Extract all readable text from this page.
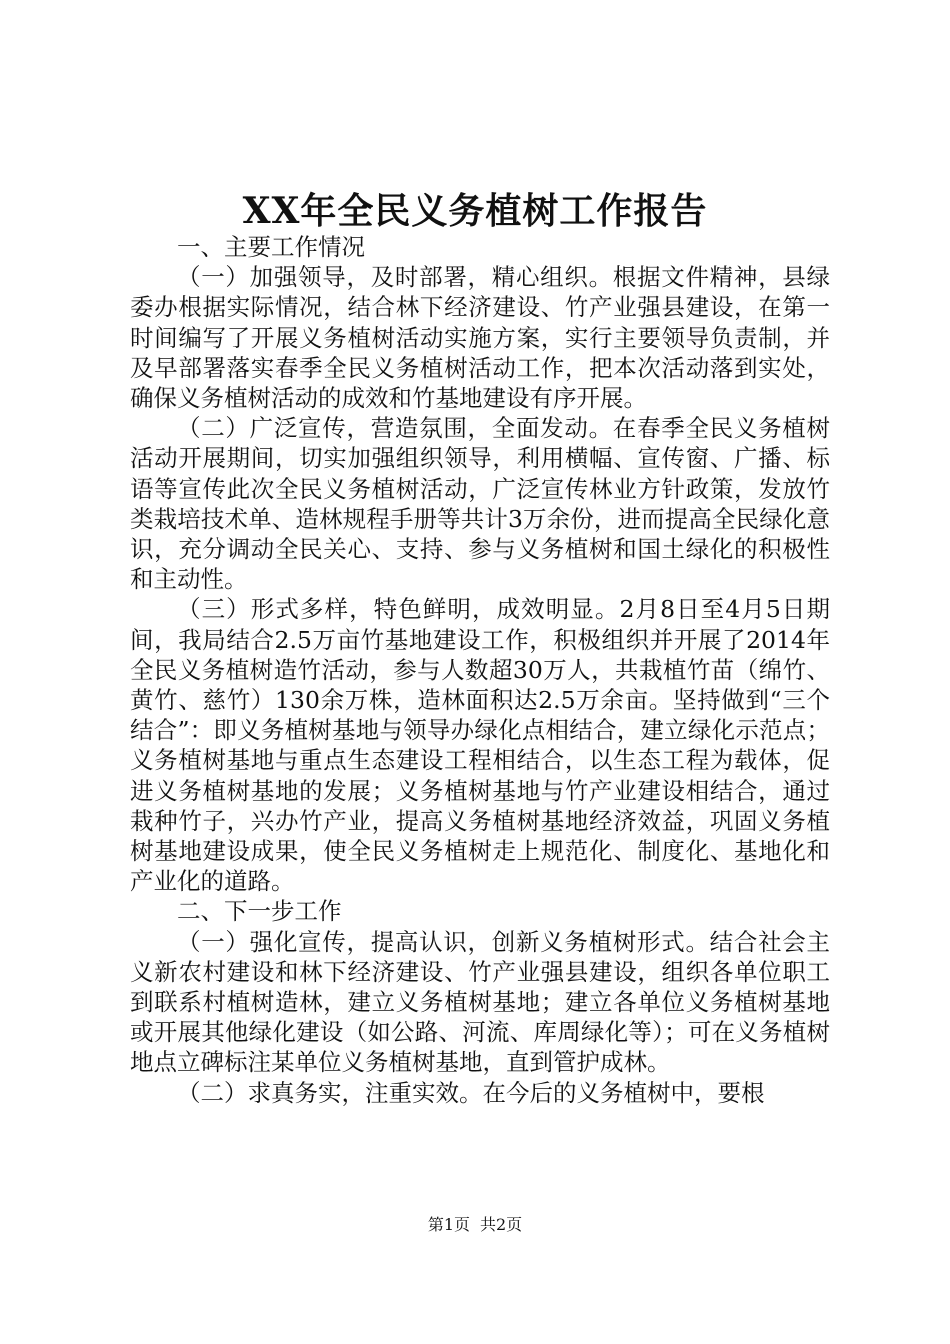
XX年全民义务植树工作报告

一、主要工作情况

（一）加强领导，及时部署，精心组织。根据文件精神，县绿委办根据实际情况，结合林下经济建设、竹产业强县建设，在第一时间编写了开展义务植树活动实施方案，实行主要领导负责制，并及早部署落实春季全民义务植树活动工作，把本次活动落到实处，确保义务植树活动的成效和竹基地建设有序开展。

（二）广泛宣传，营造氛围，全面发动。在春季全民义务植树活动开展期间，切实加强组织领导，利用横幅、宣传窗、广播、标语等宣传此次全民义务植树活动，广泛宣传林业方针政策，发放竹类栽培技术单、造林规程手册等共计3万余份，进而提高全民绿化意识，充分调动全民关心、支持、参与义务植树和国土绿化的积极性和主动性。

（三）形式多样，特色鲜明，成效明显。2月8日至4月5日期间，我局结合2.5万亩竹基地建设工作，积极组织并开展了2014年全民义务植树造竹活动，参与人数超30万人，共栽植竹苗（绵竹、黄竹、慈竹）130余万株，造林面积达2.5万余亩。坚持做到“三个结合”：即义务植树基地与领导办绿化点相结合，建立绿化示范点；义务植树基地与重点生态建设工程相结合，以生态工程为载体，促进义务植树基地的发展；义务植树基地与竹产业建设相结合，通过栽种竹子，兴办竹产业，提高义务植树基地经济效益，巩固义务植树基地建设成果，使全民义务植树走上规范化、制度化、基地化和产业化的道路。

二、下一步工作

（一）强化宣传，提高认识，创新义务植树形式。结合社会主义新农村建设和林下经济建设、竹产业强县建设，组织各单位职工到联系村植树造林，建立义务植树基地；建立各单位义务植树基地或开展其他绿化建设（如公路、河流、库周绿化等）；可在义务植树地点立碑标注某单位义务植树基地，直到管护成林。

（二）求真务实，注重实效。在今后的义务植树中，要根

第1页 共2页
